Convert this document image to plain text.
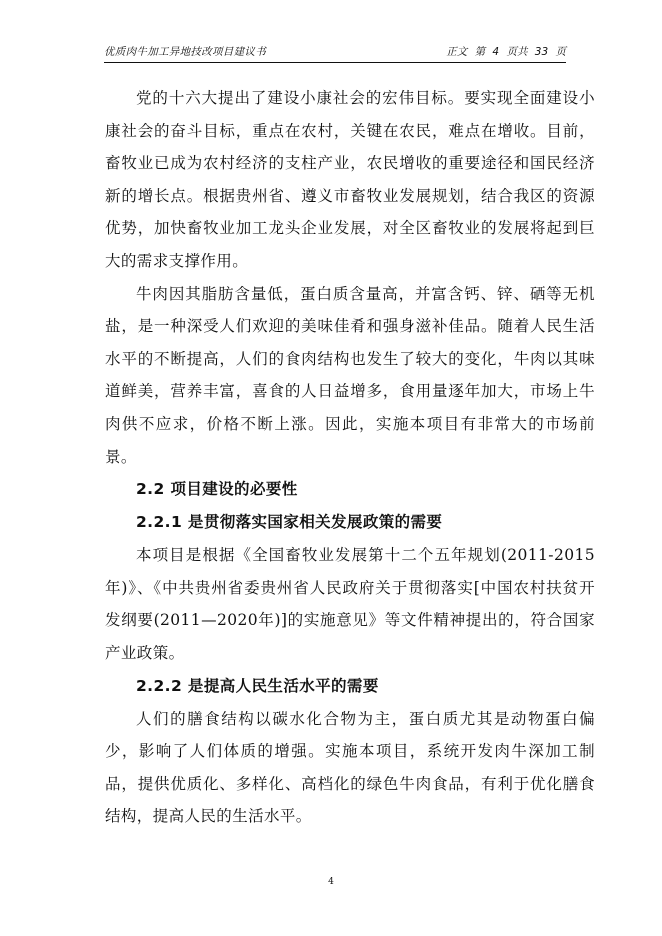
优质肉牛加工异地技改项目建议书	正文 第 4 页共 33 页

党的十六大提出了建设小康社会的宏伟目标。要实现全面建设小康社会的奋斗目标，重点在农村，关键在农民，难点在增收。目前，畜牧业已成为农村经济的支柱产业，农民增收的重要途径和国民经济新的增长点。根据贵州省、遵义市畜牧业发展规划，结合我区的资源优势，加快畜牧业加工龙头企业发展，对全区畜牧业的发展将起到巨大的需求支撑作用。

牛肉因其脂肪含量低，蛋白质含量高，并富含钙、锌、硒等无机盐，是一种深受人们欢迎的美味佳肴和强身滋补佳品。随着人民生活水平的不断提高，人们的食肉结构也发生了较大的变化，牛肉以其味道鲜美，营养丰富，喜食的人日益增多，食用量逐年加大，市场上牛肉供不应求，价格不断上涨。因此，实施本项目有非常大的市场前景。

2.2 项目建设的必要性
2.2.1 是贯彻落实国家相关发展政策的需要

本项目是根据《全国畜牧业发展第十二个五年规划(2011-2015年)》、《中共贵州省委贵州省人民政府关于贯彻落实[中国农村扶贫开发纲要(2011—2020年)]的实施意见》等文件精神提出的，符合国家产业政策。

2.2.2 是提高人民生活水平的需要

人们的膳食结构以碳水化合物为主，蛋白质尤其是动物蛋白偏少，影响了人们体质的增强。实施本项目，系统开发肉牛深加工制品，提供优质化、多样化、高档化的绿色牛肉食品，有利于优化膳食结构，提高人民的生活水平。

4
